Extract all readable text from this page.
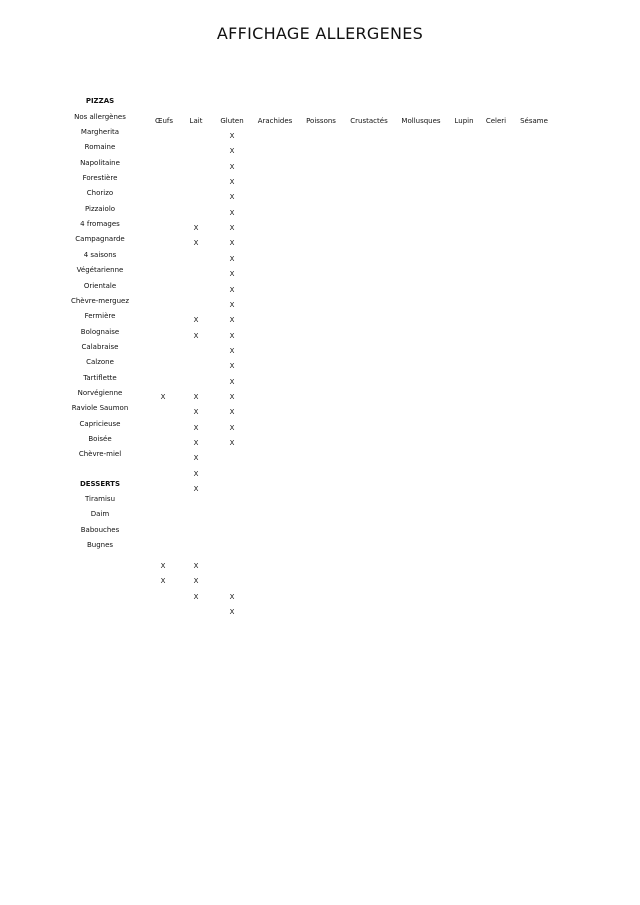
AFFICHAGE ALLERGENES
PIZZAS
Nos allergènes
Margherita
Romaine
Napolitaine
Forestière
Chorizo
Pizzaiolo
4 fromages
Campagnarde
4 saisons
Végétarienne
Orientale
Chèvre-merguez
Fermière
Bolognaise
Calabraise
Calzone
Tartiflette
Norvégienne
Raviole Saumon
Capricieuse
Boisée
Chèvre-miel
DESSERTS
Tiramisu
Daim
Babouches
Bugnes
Œufs Lait	Gluten Arachides Poissons Crustactés Mollusques Lupin Celeri Sésame
X
X
X
X
X
X
X
X
X
X
X
X
X
X
X
X
X
X
X
X
X
X
X
X
X
X
X
X
X
X
X
X
X
X
X
X
X
X
X
X
